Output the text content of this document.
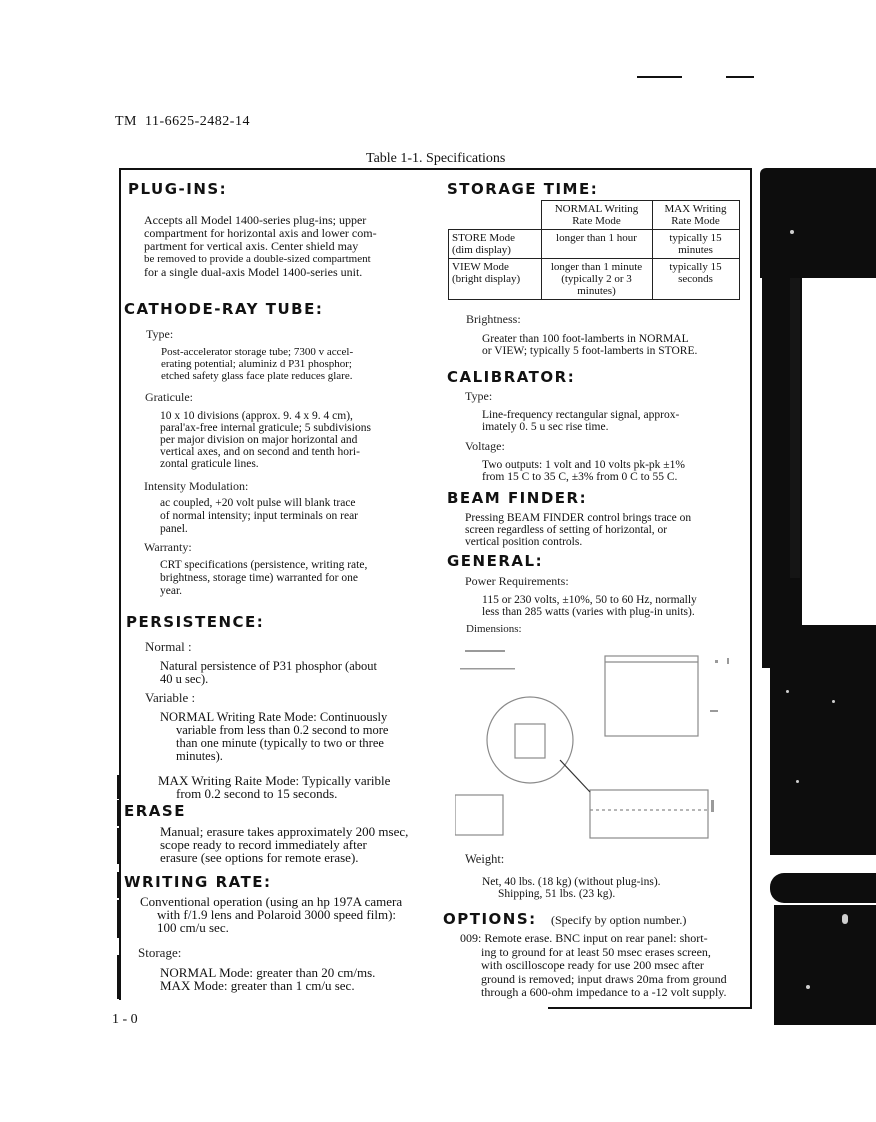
TM  11-6625-2482-14
Table 1-1. Specifications
PLUG-INS:
Accepts all Model 1400-series plug-ins; upper
compartment for horizontal axis and lower com-
partment for vertical axis. Center shield may
be removed to provide a double-sized compartment
for a single dual-axis Model 1400-series unit.
CATHODE-RAY TUBE:
Type:
Post-accelerator storage tube; 7300 v accel-
erating potential; aluminiz d P31 phosphor;
etched safety glass face plate reduces glare.
Graticule:
10 x 10 divisions (approx. 9. 4 x 9. 4 cm),
paral'ax-free internal graticule; 5 subdivisions
per major division on major horizontal and
vertical axes, and on second and tenth hori-
zontal graticule lines.
Intensity Modulation:
ac coupled, +20 volt pulse will blank trace
of normal intensity; input terminals on rear
panel.
Warranty:
CRT specifications (persistence, writing rate,
brightness, storage time) warranted for one
year.
PERSISTENCE:
Normal :
Natural persistence of P31 phosphor (about
40 u sec).
Variable :
NORMAL Writing Rate Mode: Continuously
variable from less than 0.2 second to more
than one minute (typically to two or three
minutes).
MAX Writing Raite Mode: Typically varible
from 0.2 second to 15 seconds.
ERASE
Manual; erasure takes approximately 200 msec,
scope ready to record immediately after
erasure (see options for remote erase).
WRITING RATE:
Conventional operation (using an hp 197A camera
with f/1.9 lens and Polaroid 3000 speed film):
100 cm/u sec.
Storage:
NORMAL Mode: greater than 20 cm/ms.
MAX Mode: greater than 1 cm/u sec.
1 - 0
STORAGE TIME:
	NORMAL Writing Rate Mode	MAX Writing Rate Mode
STORE Mode (dim display)	longer than 1 hour	typically 15 minutes
VIEW Mode (bright display)	longer than 1 minute (typically 2 or 3 minutes)	typically 15 seconds
Brightness:
Greater than 100 foot-lamberts in NORMAL
or VIEW; typically 5 foot-lamberts in STORE.
CALIBRATOR:
Type:
Line-frequency rectangular signal, approx-
imately 0. 5 u sec rise time.
Voltage:
Two outputs: 1 volt and 10 volts pk-pk ±1%
from 15 C to 35 C, ±3% from 0 C to 55 C.
BEAM FINDER:
Pressing BEAM FINDER control brings trace on
screen regardless of setting of horizontal, or
vertical position controls.
GENERAL:
Power Requirements:
115 or 230 volts, ±10%, 50 to 60 Hz, normally
less than 285 watts (varies with plug-in units).
Dimensions:
Weight:
Net, 40 lbs. (18 kg) (without plug-ins).
Shipping, 51 lbs. (23 kg).
OPTIONS: (Specify by option number.)
009: Remote erase. BNC input on rear panel: short-
ing to ground for at least 50 msec erases screen,
with oscilloscope ready for use 200 msec after
ground is removed; input draws 20ma from ground
through a 600-ohm impedance to a -12 volt supply.
